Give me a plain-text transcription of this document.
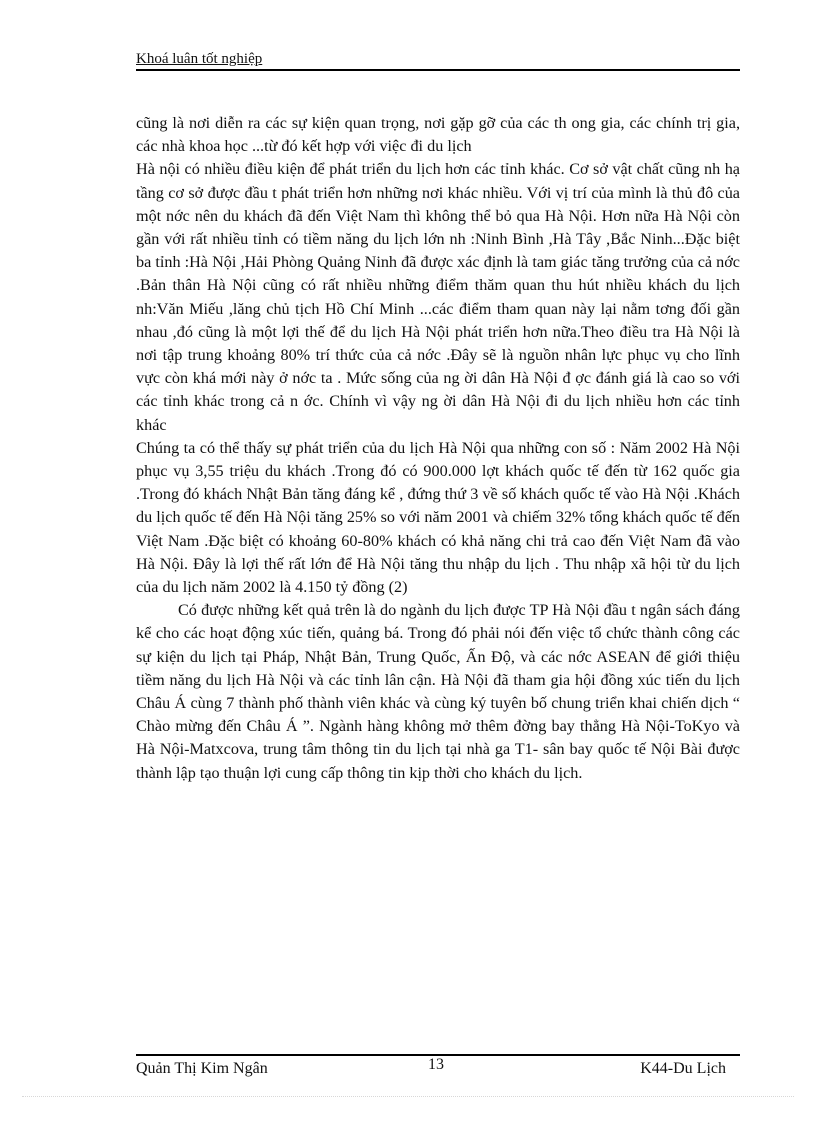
Khoá luân tốt nghiệp

cũng là nơi diễn ra các sự kiện quan trọng, nơi gặp gỡ của các th ong gia, các chính trị gia, các nhà khoa học ...từ đó kết hợp với việc đi du lịch

Hà nội có nhiều điều kiện để phát triển du lịch hơn các tỉnh khác. Cơ sở vật chất cũng nh hạ tầng cơ sở được đầu t phát triển hơn những nơi khác nhiều. Với vị trí của mình là thủ đô của một nớc nên du khách đã đến Việt Nam thì không thể bỏ qua Hà Nội. Hơn nữa Hà Nội còn gần với rất nhiều tỉnh có tiềm năng du lịch lớn nh :Ninh Bình ,Hà Tây ,Bắc Ninh...Đặc biệt ba tỉnh :Hà Nội ,Hải Phòng Quảng Ninh đã được xác định là tam giác tăng trưởng của cả nớc .Bản thân Hà Nội cũng có rất nhiều những điểm thăm quan thu hút nhiều khách du lịch nh:Văn Miếu ,lăng chủ tịch Hồ Chí Minh ...các điểm tham quan này lại nằm tơng đối gần nhau ,đó cũng là một lợi thế để du lịch Hà Nội phát triển hơn nữa.Theo điều tra Hà Nội là nơi tập trung khoảng 80% trí thức của cả nớc .Đây sẽ là nguồn nhân lực phục vụ cho lĩnh vực còn khá mới này ở nớc ta . Mức sống của ng ời dân Hà Nội đ ợc đánh giá là cao so với các tỉnh khác trong cả n ớc. Chính vì vậy ng ời dân Hà Nội đi du lịch nhiều hơn các tỉnh khác

Chúng ta có thể thấy sự phát triển của du lịch Hà Nội qua những con số : Năm 2002 Hà Nội phục vụ 3,55 triệu du khách .Trong đó có 900.000 lợt khách quốc tế đến từ 162 quốc gia .Trong đó khách Nhật Bản tăng đáng kể , đứng thứ 3 về số khách quốc tế vào Hà Nội .Khách du lịch quốc tế đến Hà Nội tăng 25% so với năm 2001 và chiếm 32% tổng khách quốc tế đến Việt Nam .Đặc biệt có khoảng 60-80% khách có khả năng chi trả cao đến Việt Nam đã vào Hà Nội. Đây là lợi thế rất lớn để Hà Nội tăng thu nhập du lịch . Thu nhập xã hội từ du lịch của du lịch năm 2002 là 4.150 tỷ đồng (2)

Có được những kết quả trên là do ngành du lịch được TP Hà Nội đầu t ngân sách đáng kể cho các hoạt động xúc tiến, quảng bá. Trong đó phải nói đến việc tổ chức thành công các sự kiện du lịch tại Pháp, Nhật Bản, Trung Quốc, Ấn Độ, và các nớc ASEAN để giới thiệu tiềm năng du lịch Hà Nội và các tỉnh lân cận. Hà Nội đã tham gia hội đồng xúc tiến du lịch Châu Á cùng 7 thành phố thành viên khác và cùng ký tuyên bố chung triển khai chiến dịch “ Chào mừng đến Châu Á ”. Ngành hàng không mở thêm đờng bay thẳng Hà Nội-ToKyo và Hà Nội-Matxcova, trung tâm thông tin du lịch tại nhà ga T1- sân bay quốc tế Nội Bài được thành lập tạo thuận lợi cung cấp thông tin kịp thời cho khách du lịch.

Quản Thị Kim Ngân	13	K44-Du Lịch
